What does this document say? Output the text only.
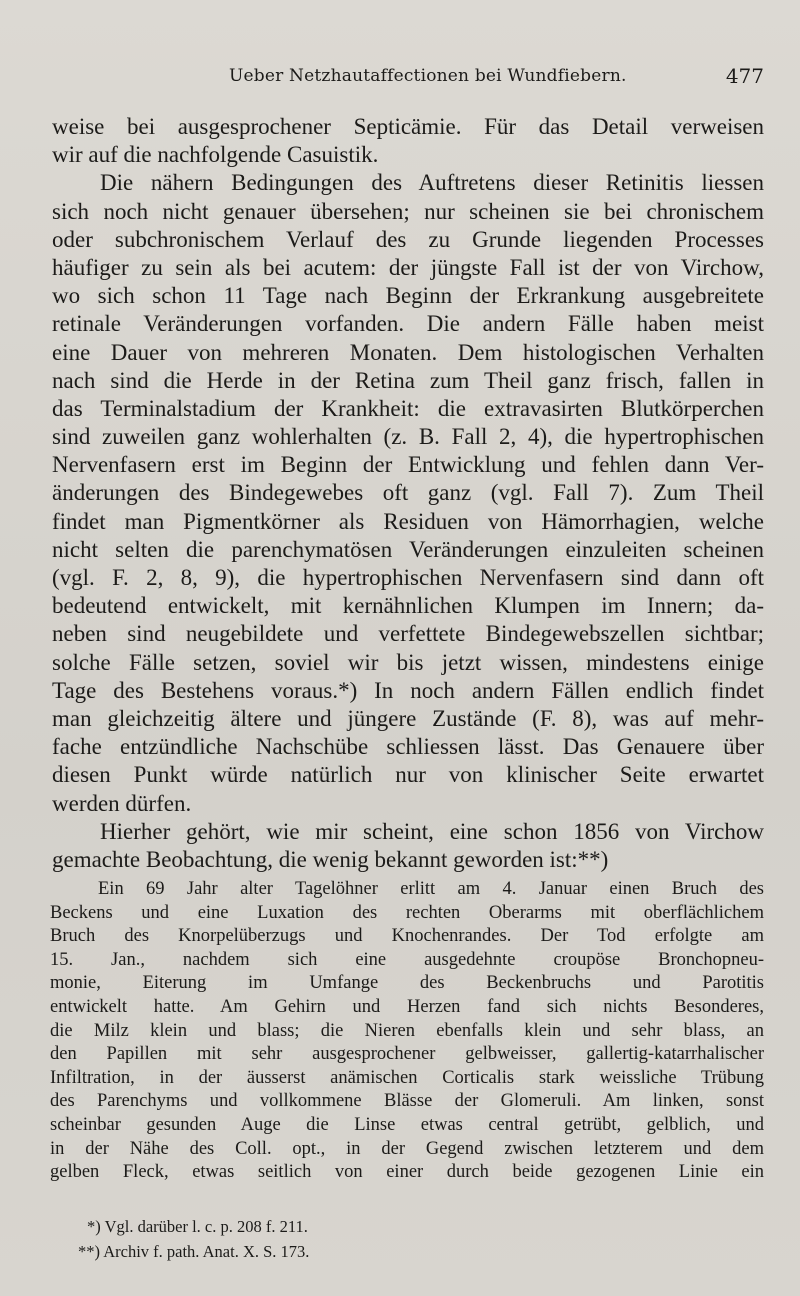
Ueber Netzhautaffectionen bei Wundfiebern.	477
weise bei ausgesprochener Septicämie. Für das Detail verweisen
wir auf die nachfolgende Casuistik.
Die nähern Bedingungen des Auftretens dieser Retinitis liessen
sich noch nicht genauer übersehen; nur scheinen sie bei chronischem
oder subchronischem Verlauf des zu Grunde liegenden Processes
häufiger zu sein als bei acutem: der jüngste Fall ist der von Virchow,
wo sich schon 11 Tage nach Beginn der Erkrankung ausgebreitete
retinale Veränderungen vorfanden. Die andern Fälle haben meist
eine Dauer von mehreren Monaten. Dem histologischen Verhalten
nach sind die Herde in der Retina zum Theil ganz frisch, fallen in
das Terminalstadium der Krankheit: die extravasirten Blutkörperchen
sind zuweilen ganz wohlerhalten (z. B. Fall 2, 4), die hypertrophischen
Nervenfasern erst im Beginn der Entwicklung und fehlen dann Ver-
änderungen des Bindegewebes oft ganz (vgl. Fall 7). Zum Theil
findet man Pigmentkörner als Residuen von Hämorrhagien, welche
nicht selten die parenchymatösen Veränderungen einzuleiten scheinen
(vgl. F. 2, 8, 9), die hypertrophischen Nervenfasern sind dann oft
bedeutend entwickelt, mit kernähnlichen Klumpen im Innern; da-
neben sind neugebildete und verfettete Bindegewebszellen sichtbar;
solche Fälle setzen, soviel wir bis jetzt wissen, mindestens einige
Tage des Bestehens voraus.*) In noch andern Fällen endlich findet
man gleichzeitig ältere und jüngere Zustände (F. 8), was auf mehr-
fache entzündliche Nachschübe schliessen lässt. Das Genauere über
diesen Punkt würde natürlich nur von klinischer Seite erwartet
werden dürfen.
Hierher gehört, wie mir scheint, eine schon 1856 von Virchow
gemachte Beobachtung, die wenig bekannt geworden ist:**)
Ein 69 Jahr alter Tagelöhner erlitt am 4. Januar einen Bruch des
Beckens und eine Luxation des rechten Oberarms mit oberflächlichem
Bruch des Knorpelüberzugs und Knochenrandes. Der Tod erfolgte am
15. Jan., nachdem sich eine ausgedehnte croupöse Bronchopneu-
monie, Eiterung im Umfange des Beckenbruchs und Parotitis
entwickelt hatte. Am Gehirn und Herzen fand sich nichts Besonderes,
die Milz klein und blass; die Nieren ebenfalls klein und sehr blass, an
den Papillen mit sehr ausgesprochener gelbweisser, gallertig-katarrhalischer
Infiltration, in der äusserst anämischen Corticalis stark weissliche Trübung
des Parenchyms und vollkommene Blässe der Glomeruli. Am linken, sonst
scheinbar gesunden Auge die Linse etwas central getrübt, gelblich, und
in der Nähe des Coll. opt., in der Gegend zwischen letzterem und dem
gelben Fleck, etwas seitlich von einer durch beide gezogenen Linie ein
*) Vgl. darüber l. c. p. 208 f. 211.
**) Archiv f. path. Anat. X. S. 173.
